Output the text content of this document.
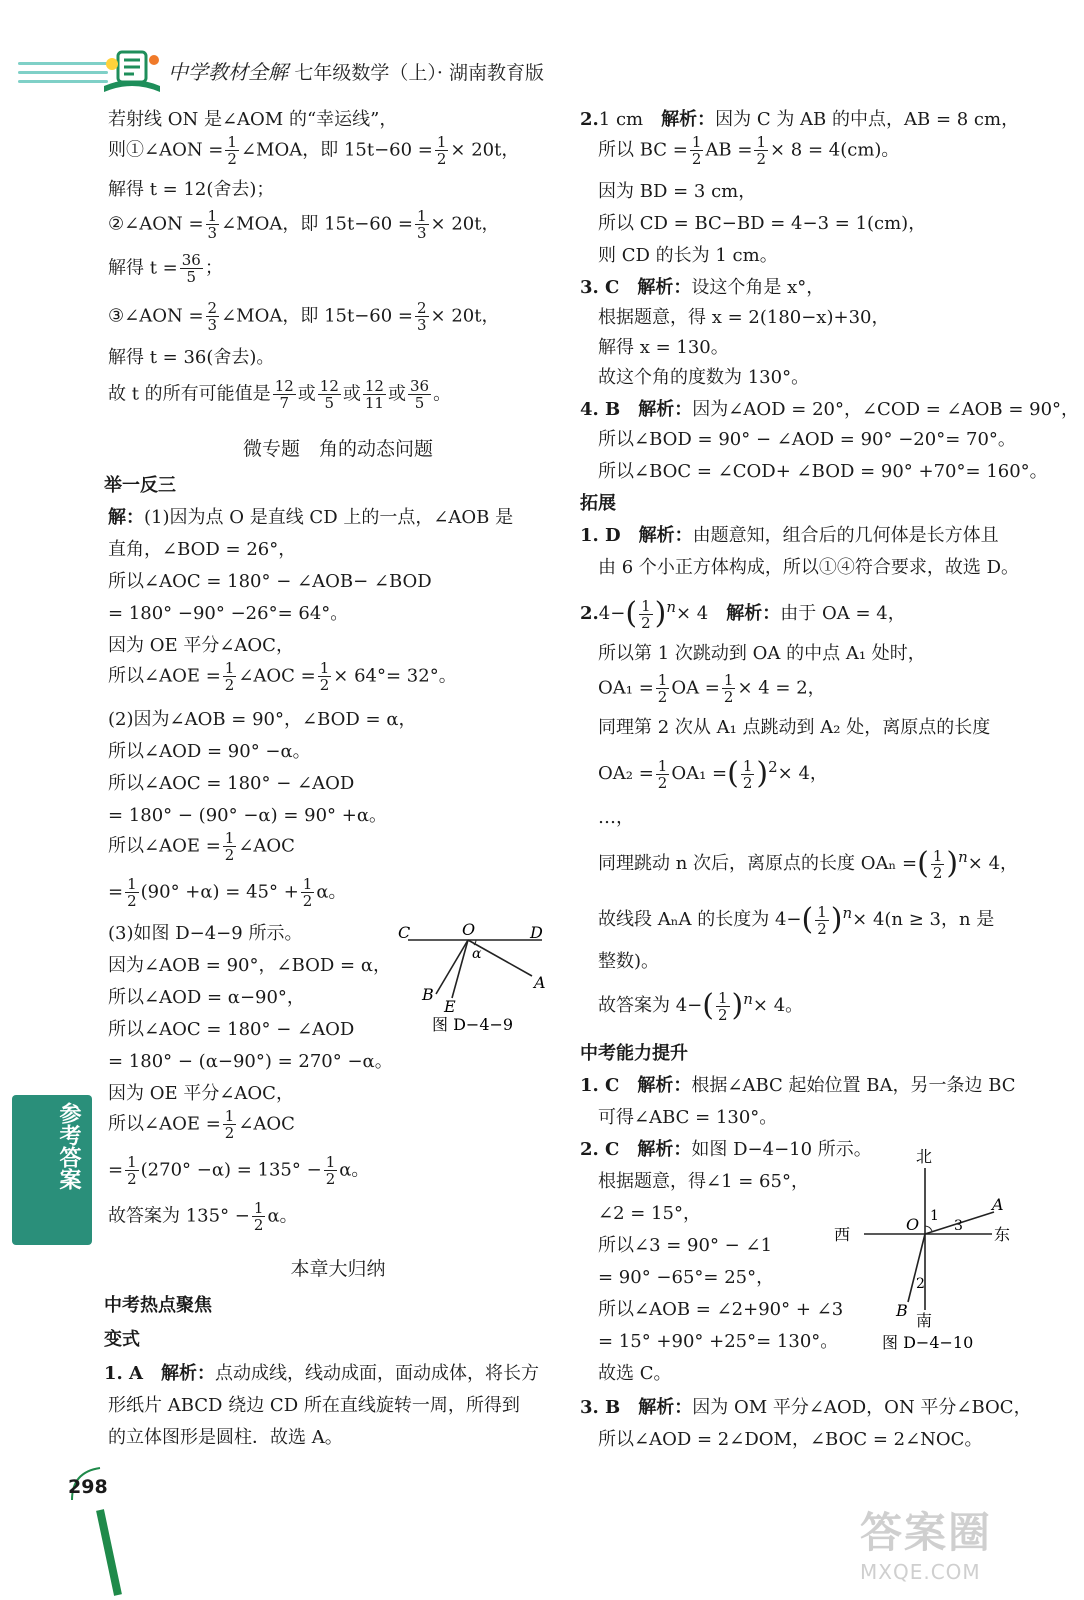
中学教材全解 七年级数学（上）· 湖南教育版
若射线 ON 是∠AOM 的“幸运线”，
则①∠AON = $\frac{1}{2}$ ∠MOA，即 $15t-60 = \frac{1}{2} \times 20t$，
解得 t = 12(舍去)；
②∠AON = $\frac{1}{3}$ ∠MOA，即 $15t-60 = \frac{1}{3} \times 20t$，
解得 $t = \frac{36}{5}$ ；
③∠AON = $\frac{2}{3}$ ∠MOA，即 $15t-60 = \frac{2}{3} \times 20t$，
解得 t = 36(舍去)。
故 t 的所有可能值是 $\frac{12}{7}$ 或 $\frac{12}{5}$ 或 $\frac{12}{11}$ 或 $\frac{36}{5}$ 。
微专题　角的动态问题
举一反三
解：(1)因为点 O 是直线 CD 上的一点，∠AOB 是
直角，∠BOD = 26°，
所以∠AOC = 180° − ∠AOB− ∠BOD
= 180° −90° −26°= 64°。
因为 OE 平分∠AOC，
所以∠AOE = $\frac{1}{2}$ ∠AOC = $\frac{1}{2} \times 64^\circ= 32^\circ$。
(2)因为∠AOB = 90°，∠BOD = α，
所以∠AOD = 90° −α。
所以∠AOC = 180° − ∠AOD
= 180° − (90° −α) = 90° +α。
所以∠AOE = $\frac{1}{2}$ ∠AOC
= $\frac{1}{2} (90^\circ +\alpha) = 45^\circ + \frac{1}{2}$ α。
(3)如图 D−4−9 所示。
因为∠AOB = 90°，∠BOD = α，
所以∠AOD = α−90°，
所以∠AOC = 180° − ∠AOD
= 180° − (α−90°) = 270° −α。
因为 OE 平分∠AOC，
所以∠AOE = $\frac{1}{2}$ ∠AOC
= $\frac{1}{2} (270^\circ -\alpha) = 135^\circ - \frac{1}{2}$ α。
故答案为 $135^\circ - \frac{1}{2}$ α。
本章大归纳
中考热点聚焦
变式
1. A　 解析：点动成线，线动成面，面动成体，将长方
形纸片 ABCD 绕边 CD 所在直线旋转一周，所得到
的立体图形是圆柱．故选 A。
C	O	D
α
A
B
E
图 D−4−9
2.1 cm　 解析：因为 C 为 AB 的中点，AB = 8 cm，
所以 BC = $\frac{1}{2}$ AB = $\frac{1}{2} \times 8 = 4(cm)$。
因为 BD = 3 cm，
所以 CD = BC−BD = 4−3 = 1(cm)，
则 CD 的长为 1 cm。
3. C　 解析：设这个角是 x°，
根据题意，得 x = 2(180−x)+30，
解得 x = 130。
故这个角的度数为 130°。
4. B　 解析：因为∠AOD = 20°，∠COD = ∠AOB = 90°，
所以∠BOD = 90° − ∠AOD = 90° −20°= 70°。
所以∠BOC = ∠COD+ ∠BOD = 90° +70°= 160°。
拓展
1. D　 解析：由题意知，组合后的几何体是长方体且
由 6 个小正方体构成，所以①④符合要求，故选 D。
$2.4-( \frac{1}{2} )^n\times 4$　 解析：由于 OA = 4，
所以第 1 次跳动到 OA 的中点 A₁ 处时，
$OA_1 = \frac{1}{2}$ OA = $\frac{1}{2} \times 4 = 2$，
同理第 2 次从 A₁ 点跳动到 A₂ 处，离原点的长度
$OA_2 = \frac{1}{2} OA_1$ =( $\frac{1}{2} )^2\times 4$，
…，
同理跳动 n 次后，离原点的长度 OAₙ =( $\frac{1}{2} )^n\times 4$，
故线段 AₙA 的长度为 $4-( \frac{1}{2} )^n\times 4(n \ge 3$，n 是
整数)。
故答案为 $4-( \frac{1}{2} )^n\times 4$。
中考能力提升
1. C　 解析：根据∠ABC 起始位置 BA，另一条边 BC
可得∠ABC = 130°。
2. C　 解析：如图 D−4−10 所示。
根据题意，得∠1 = 65°，
∠2 = 15°，
所以∠3 = 90° − ∠1
= 90° −65°= 25°，
所以∠AOB = ∠2+90° + ∠3
= 15° +90° +25°= 130°。
故选 C。
3. B　 解析：因为 OM 平分∠AOD，ON 平分∠BOC，
所以∠AOD = 2∠DOM，∠BOC = 2∠NOC。
北
西	东
南
O
A
B
1
3
2
图 D−4−10
参考答案
298
答案圈
MXQE.COM
